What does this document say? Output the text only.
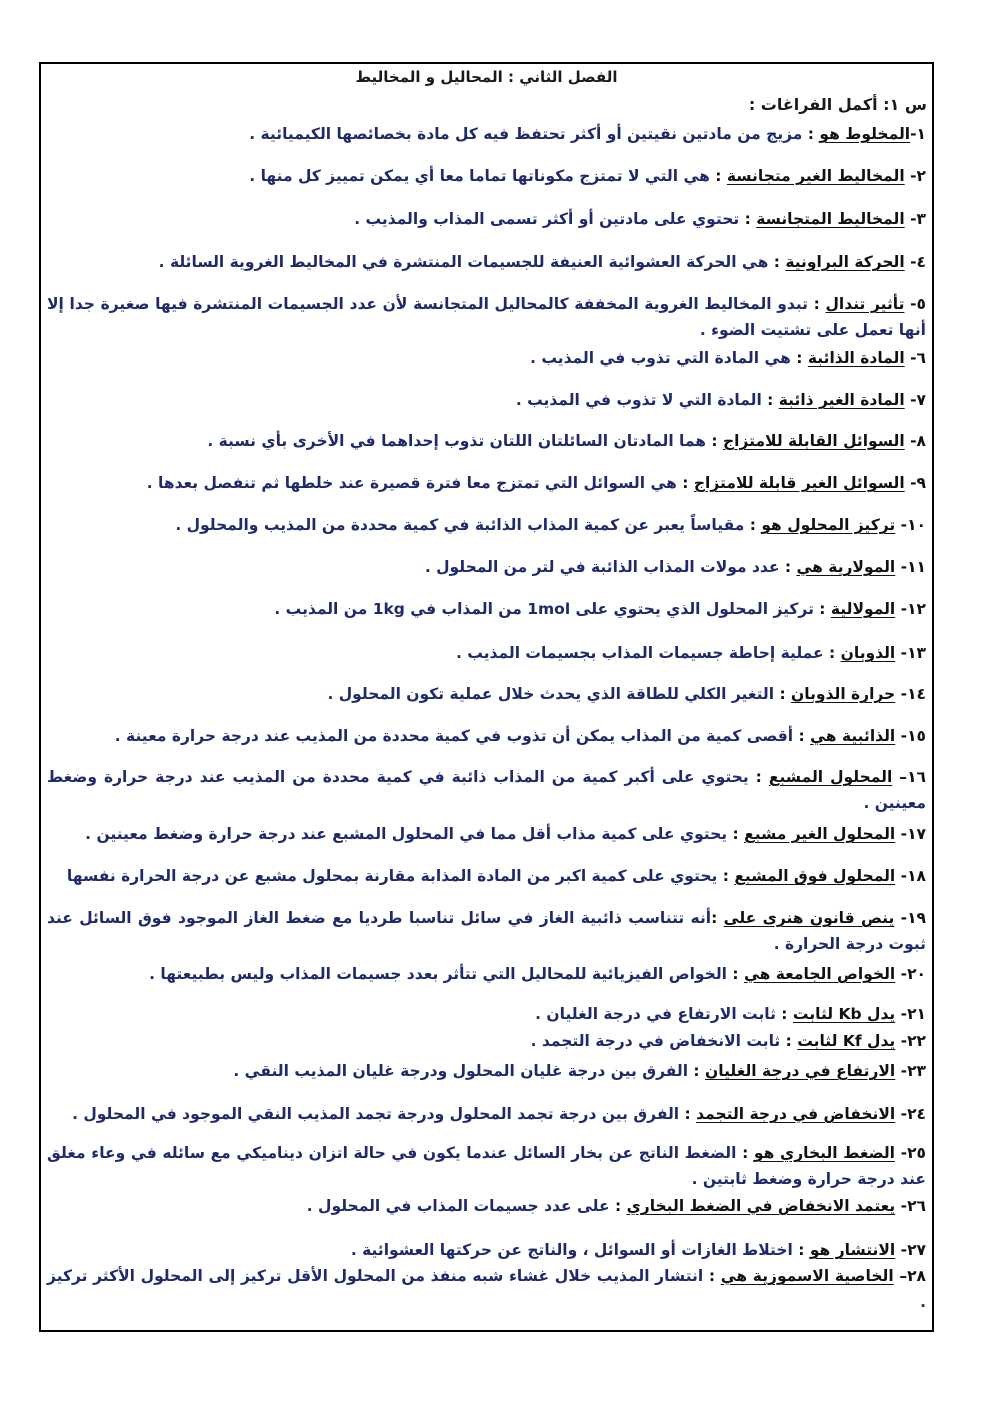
الفصل الثاني : المحاليل و المخاليط
س ١: أكمل الفراغات :
١-المخلوط هو : مزيج من مادتين نقيتين أو أكثر تحتفظ فيه كل مادة بخصائصها الكيميائية .
٢- المخاليط الغير متجانسة : هي التي لا تمتزج مكوناتها تماما معا أي يمكن تمييز كل منها .
٣- المخاليط المتجانسة : تحتوي على مادتين أو أكثر تسمى المذاب والمذيب .
٤- الحركة البراونية : هي الحركة العشوائية العنيفة للجسيمات المنتشرة في المخاليط الغروية السائلة .
٥- تأثير تندال : تبدو المخاليط الغروية المخففة كالمحاليل المتجانسة لأن عدد الجسيمات المنتشرة فيها صغيرة جدا إلا أنها تعمل على تشتيت الضوء .
٦- المادة الذائبة : هي المادة التي تذوب في المذيب .
٧- المادة الغير ذائبة : المادة التي لا تذوب في المذيب .
٨- السوائل القابلة للامتزاج : هما المادتان السائلتان اللتان تذوب إحداهما في الأخرى بأي نسبة .
٩- السوائل الغير قابلة للامتزاج : هي السوائل التي تمتزج معا فترة قصيرة عند خلطها ثم تنفصل بعدها .
١٠- تركيز المحلول هو : مقياساً يعبر عن كمية المذاب الذائبة في كمية محددة من المذيب والمحلول .
١١- المولارية هي : عدد مولات المذاب الذائبة في لتر من المحلول .
١٢- المولالية : تركيز المحلول الذي يحتوي على 1mol من المذاب في 1kg من المذيب .
١٣- الذوبان : عملية إحاطة جسيمات المذاب بجسيمات المذيب .
١٤- حرارة الذوبان : التغير الكلي للطاقة الذي يحدث خلال عملية تكون المحلول .
١٥- الذائبية هي : أقصى كمية من المذاب يمكن أن تذوب في كمية محددة من المذيب عند درجة حرارة معينة .
١٦– المحلول المشبع : يحتوي على أكبر كمية من المذاب ذائبة في كمية محددة من المذيب عند درجة حرارة وضغط معينين .
١٧- المحلول الغير مشبع : يحتوي على كمية مذاب أقل مما في المحلول المشبع عند درجة حرارة وضغط معينين .
١٨- المحلول فوق المشبع : يحتوي على كمية اكبر من المادة المذابة مقارنة بمحلول مشبع عن درجة الحرارة نفسها
١٩- ينص قانون هنرى على :أنه تتناسب ذائبية الغاز في سائل تناسبا طرديا مع ضغط الغاز الموجود فوق السائل عند ثبوت درجة الحرارة .
٢٠- الخواص الجامعة هي : الخواص الفيزيائية للمحاليل التي تتأثر بعدد جسيمات المذاب وليس بطبيعتها .
٢١- يدل Kb لثابت : ثابت الارتفاع في درجة الغليان .
٢٢- يدل Kf لثابت : ثابت الانخفاض في درجة التجمد .
٢٣- الارتفاع في درجة الغليان : الفرق بين درجة غليان المحلول ودرجة غليان المذيب النقي .
٢٤- الانخفاض في درجة التجمد : الفرق بين درجة تجمد المحلول ودرجة تجمد المذيب النقي الموجود في المحلول .
٢٥- الضغط البخاري هو : الضغط الناتج عن بخار السائل عندما يكون في حالة اتزان ديناميكي مع سائله في وعاء مغلق عند درجة حرارة وضغط ثابتين .
٢٦- يعتمد الانخفاض في الضغط البخاري : على عدد جسيمات المذاب في المحلول .
٢٧- الانتشار هو : اختلاط الغازات أو السوائل ، والناتج عن حركتها العشوائية .
٢٨– الخاصية الاسموزية هي : انتشار المذيب خلال غشاء شبه منفذ من المحلول الأقل تركيز إلى المحلول الأكثر تركيز .
